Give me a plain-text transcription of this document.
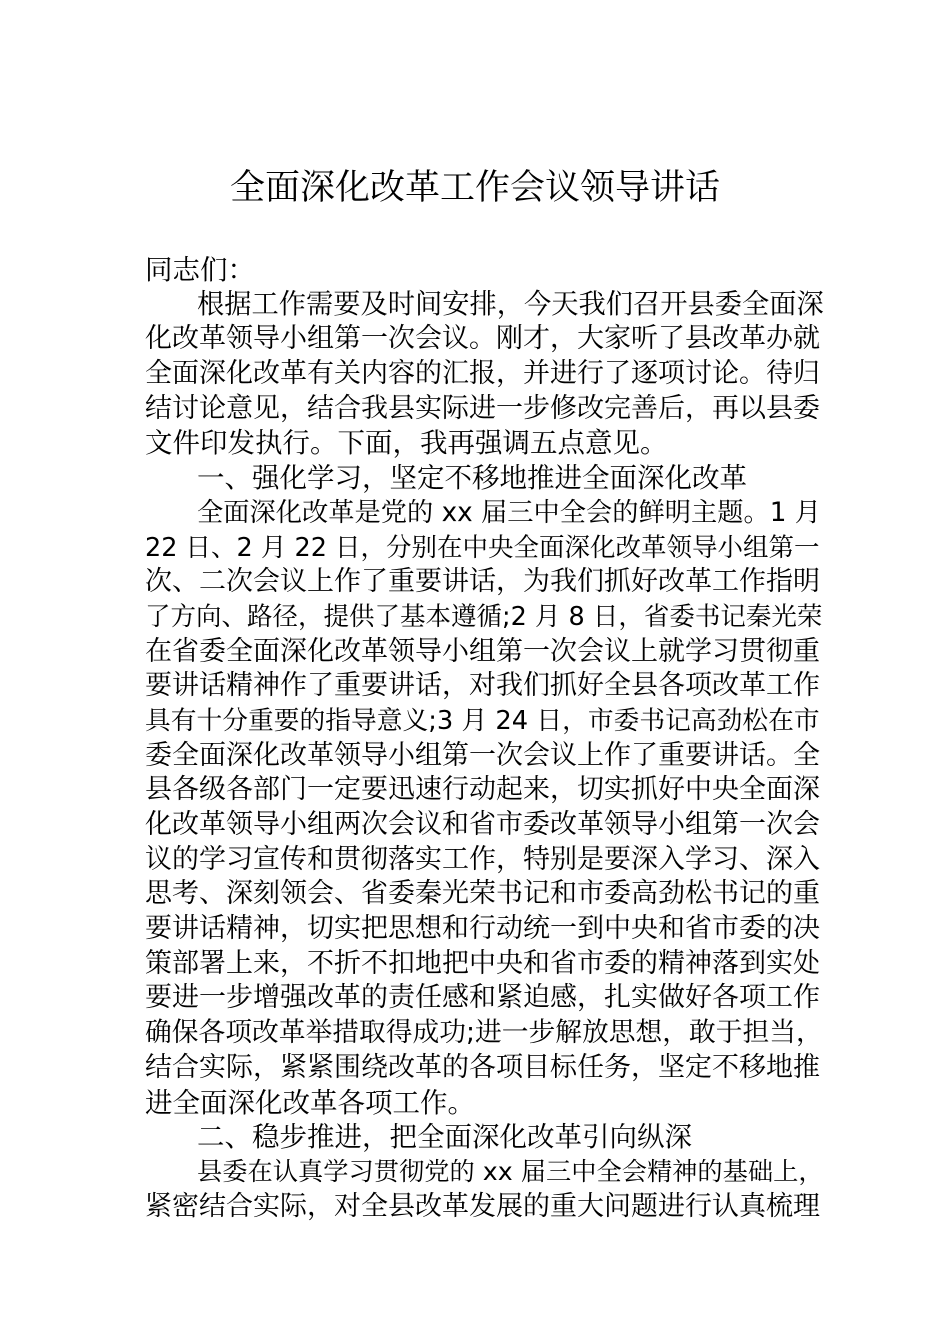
全面深化改革工作会议领导讲话
同志们：
根据工作需要及时间安排，今天我们召开县委全面深
化改革领导小组第一次会议。刚才，大家听了县改革办就
全面深化改革有关内容的汇报，并进行了逐项讨论。待归
结讨论意见，结合我县实际进一步修改完善后，再以县委
文件印发执行。下面，我再强调五点意见。
一、强化学习，坚定不移地推进全面深化改革
全面深化改革是党的 xx 届三中全会的鲜明主题。1 月
22 日、2 月 22 日，分别在中央全面深化改革领导小组第一
次、二次会议上作了重要讲话，为我们抓好改革工作指明
了方向、路径，提供了基本遵循;2 月 8 日，省委书记秦光荣
在省委全面深化改革领导小组第一次会议上就学习贯彻重
要讲话精神作了重要讲话，对我们抓好全县各项改革工作
具有十分重要的指导意义;3 月 24 日，市委书记高劲松在市
委全面深化改革领导小组第一次会议上作了重要讲话。全
县各级各部门一定要迅速行动起来，切实抓好中央全面深
化改革领导小组两次会议和省市委改革领导小组第一次会
议的学习宣传和贯彻落实工作，特别是要深入学习、深入
思考、深刻领会、省委秦光荣书记和市委高劲松书记的重
要讲话精神，切实把思想和行动统一到中央和省市委的决
策部署上来，不折不扣地把中央和省市委的精神落到实处
要进一步增强改革的责任感和紧迫感，扎实做好各项工作
确保各项改革举措取得成功;进一步解放思想，敢于担当，
结合实际，紧紧围绕改革的各项目标任务，坚定不移地推
进全面深化改革各项工作。
二、稳步推进，把全面深化改革引向纵深
县委在认真学习贯彻党的 xx 届三中全会精神的基础上，
紧密结合实际，对全县改革发展的重大问题进行认真梳理
